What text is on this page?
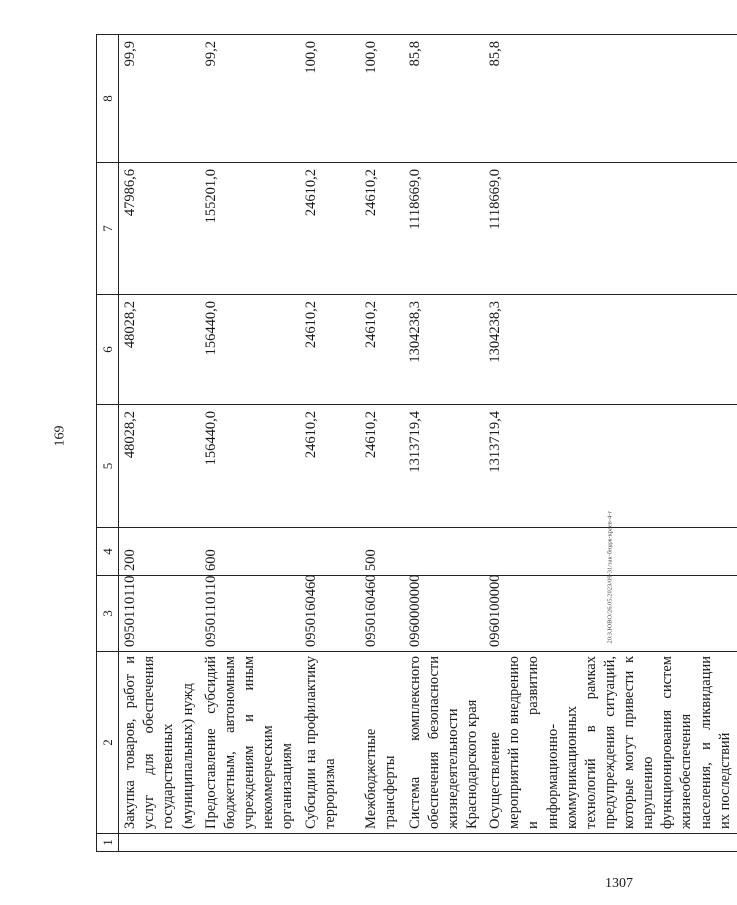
169
1	2	3	4	5	6	7	8
	Закупка товаров, работ и услуг для обеспечения государственных (муниципальных) нужд	0950110110	200	48028,2	48028,2	47986,6	99,9
	Предоставление субсидий бюджетным, автономным учреждениям и иным некоммерческим организациям	0950110110	600	156440,0	156440,0	155201,0	99,2
	Субсидии на профилактику терроризма	0950160460		24610,2	24610,2	24610,2	100,0
	Межбюджетные трансферты	0950160460	500	24610,2	24610,2	24610,2	100,0
	Система комплексного обеспечения безопасности жизнедеятельности Краснодарского края	0960000000		1313719,4	1304238,3	1118669,0	85,8
	Осуществление мероприятий по внедрению и развитию информационно-коммуникационных технологий в рамках предупреждения ситуаций, которые могут привести к нарушению функционирования систем жизнеобеспечения населения, и ликвидации их последствий	0960100000		1313719,4	1304238,3	1118669,0	85,8
20.З.ЮВО/26.05.2023/09-31/зак-бюдж-краев-4-г
1307
